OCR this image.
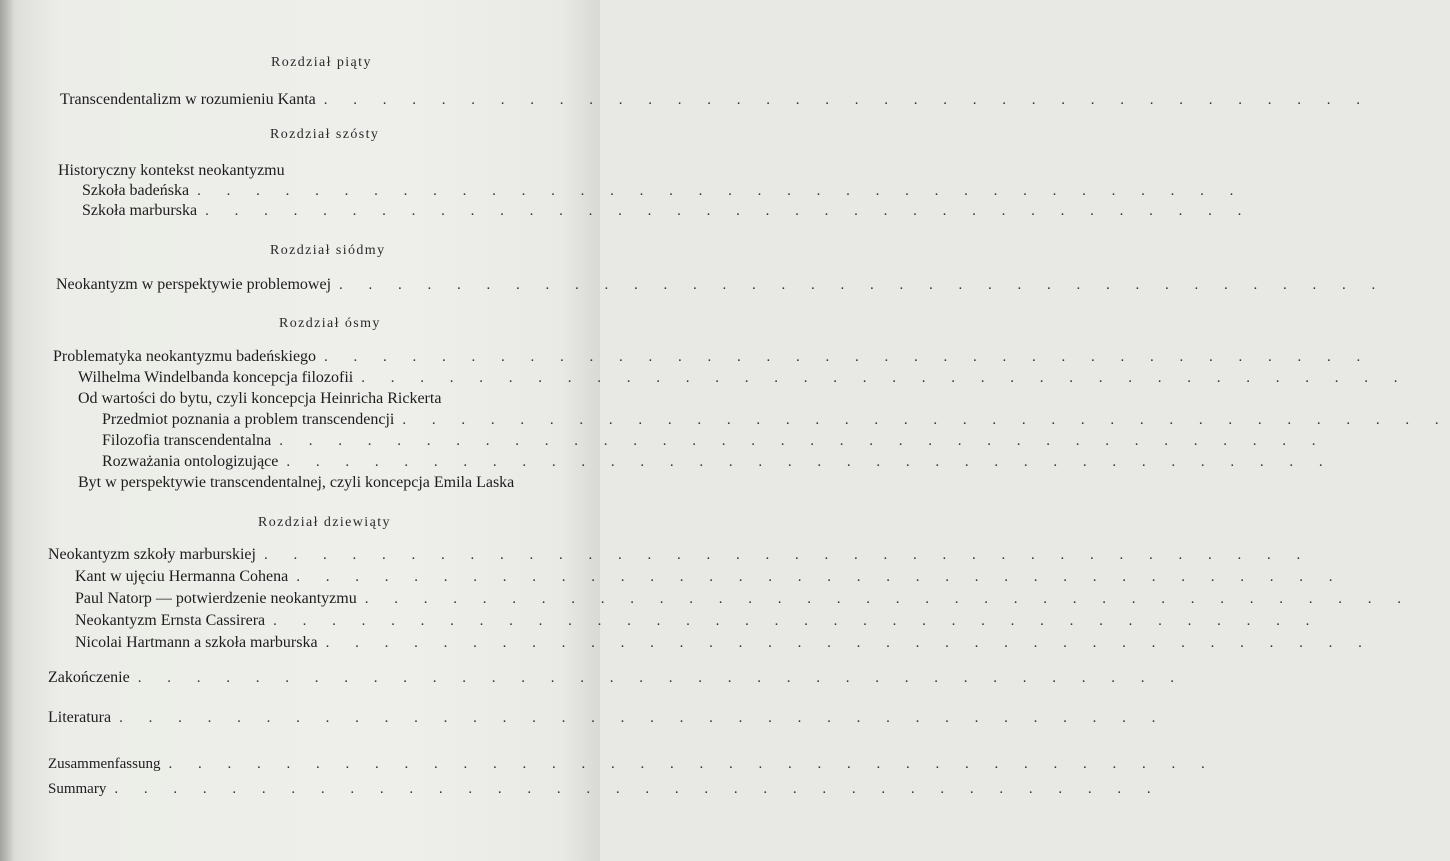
Rozdział piąty
Transcendentalizm w rozumieniu Kanta . . . . . . . . . . . . . . . . . . . . . . . . . . . . . . . . . . . .
Rozdział szósty
Historyczny kontekst neokantyzmu
Szkoła badeńska . . . . . . . . . . . . . . . . . . . . . . . . . . . . . . . . . . . .
Szkoła marburska . . . . . . . . . . . . . . . . . . . . . . . . . . . . . . . . . . . .
Rozdział siódmy
Neokantyzm w perspektywie problemowej . . . . . . . . . . . . . . . . . . . . . . . . . . . . . . . . . . . .
Rozdział ósmy
Problematyka neokantyzmu badeńskiego . . . . . . . . . . . . . . . . . . . . . . . . . . . . . . . . . . . .
Wilhelma Windelbanda koncepcja filozofii . . . . . . . . . . . . . . . . . . . . . . . . . . . . . . . . . . . .
Od wartości do bytu, czyli koncepcja Heinricha Rickerta
Przedmiot poznania a problem transcendencji . . . . . . . . . . . . . . . . . . . . . . . . . . . . . . . . . . . .
Filozofia transcendentalna . . . . . . . . . . . . . . . . . . . . . . . . . . . . . . . . . . . .
Rozważania ontologizujące . . . . . . . . . . . . . . . . . . . . . . . . . . . . . . . . . . . .
Byt w perspektywie transcendentalnej, czyli koncepcja Emila Laska
Rozdział dziewiąty
Neokantyzm szkoły marburskiej . . . . . . . . . . . . . . . . . . . . . . . . . . . . . . . . . . . .
Kant w ujęciu Hermanna Cohena . . . . . . . . . . . . . . . . . . . . . . . . . . . . . . . . . . . .
Paul Natorp — potwierdzenie neokantyzmu . . . . . . . . . . . . . . . . . . . . . . . . . . . . . . . . . . . .
Neokantyzm Ernsta Cassirera . . . . . . . . . . . . . . . . . . . . . . . . . . . . . . . . . . . .
Nicolai Hartmann a szkoła marburska . . . . . . . . . . . . . . . . . . . . . . . . . . . . . . . . . . . .
Zakończenie . . . . . . . . . . . . . . . . . . . . . . . . . . . . . . . . . . . .
Literatura . . . . . . . . . . . . . . . . . . . . . . . . . . . . . . . . . . . .
Zusammenfassung . . . . . . . . . . . . . . . . . . . . . . . . . . . . . . . . . . . .
Summary . . . . . . . . . . . . . . . . . . . . . . . . . . . . . . . . . . . .
